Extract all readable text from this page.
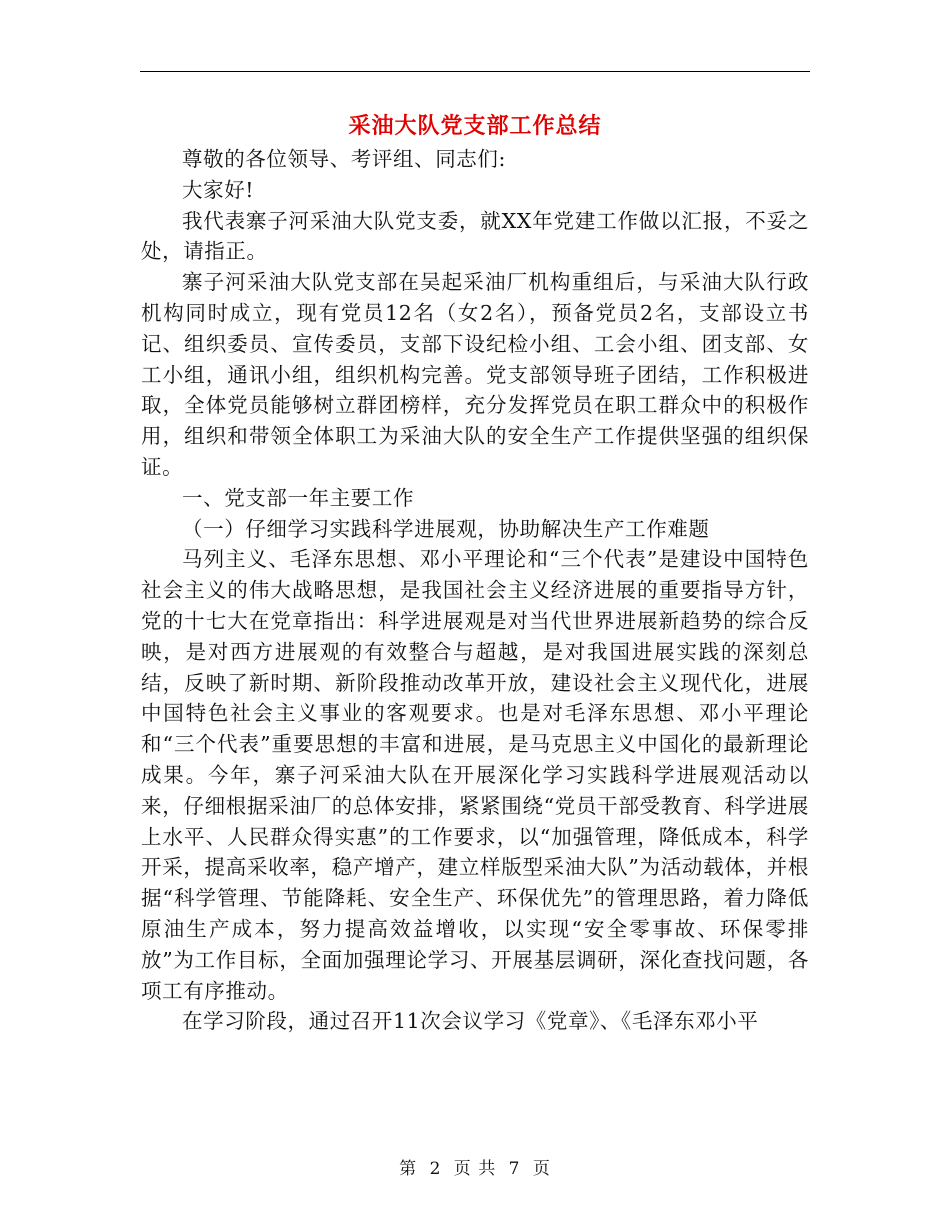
采油大队党支部工作总结

尊敬的各位领导、考评组、同志们:

大家好!

我代表寨子河采油大队党支委，就XX年党建工作做以汇报，不妥之处，请指正。

寨子河采油大队党支部在吴起采油厂机构重组后，与采油大队行政机构同时成立，现有党员12名（女2名），预备党员2名，支部设立书记、组织委员、宣传委员，支部下设纪检小组、工会小组、团支部、女工小组，通讯小组，组织机构完善。党支部领导班子团结，工作积极进取，全体党员能够树立群团榜样，充分发挥党员在职工群众中的积极作用，组织和带领全体职工为采油大队的安全生产工作提供坚强的组织保证。

一、党支部一年主要工作

（一）仔细学习实践科学进展观，协助解决生产工作难题

马列主义、毛泽东思想、邓小平理论和“三个代表”是建设中国特色社会主义的伟大战略思想，是我国社会主义经济进展的重要指导方针，党的十七大在党章指出：科学进展观是对当代世界进展新趋势的综合反映，是对西方进展观的有效整合与超越，是对我国进展实践的深刻总结，反映了新时期、新阶段推动改革开放，建设社会主义现代化，进展中国特色社会主义事业的客观要求。也是对毛泽东思想、邓小平理论和“三个代表”重要思想的丰富和进展，是马克思主义中国化的最新理论成果。今年，寨子河采油大队在开展深化学习实践科学进展观活动以来，仔细根据采油厂的总体安排，紧紧围绕“党员干部受教育、科学进展上水平、人民群众得实惠”的工作要求，以“加强管理，降低成本，科学开采，提高采收率，稳产增产，建立样版型采油大队”为活动载体，并根据“科学管理、节能降耗、安全生产、环保优先”的管理思路，着力降低原油生产成本，努力提高效益增收，以实现“安全零事故、环保零排放”为工作目标，全面加强理论学习、开展基层调研，深化查找问题，各项工有序推动。

在学习阶段，通过召开11次会议学习《党章》、《毛泽东邓小平

第 2 页 共 7 页
